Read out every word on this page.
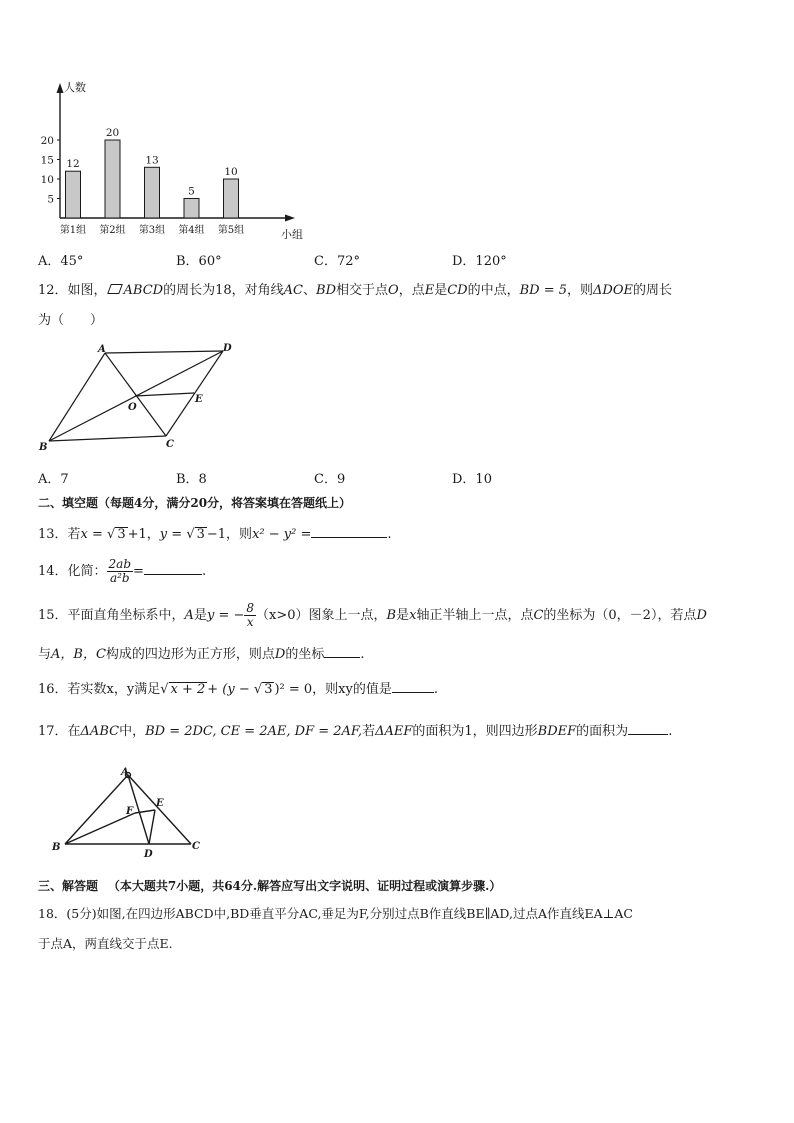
人数
小组
5
10
15
20
12
第1组
20
第2组
13
第3组
5
第4组
10
第5组
A．45°	B．60°	C．72°	D．120°
12．如图， ABCD的周长为18，对角线AC、BD相交于点O，点E是CD的中点，BD = 5，则ΔDOE的周长
为（　　）
A	D
O
E
B	C
A．7	B．8	C．9	D．10
二、填空题（每题4分，满分20分，将答案填在答题纸上）
13．若x = √ 3 +1，y = √ 3 −1，则x² − y² =	.
14．化简： $\frac{2ab}{\text{a²b}}$ =	.
15．平面直角坐标系中，A是y = − $\frac{8}{x} (x>0)$图象上一点，B是x轴正半轴上一点，点C的坐标为（0，－2），若点D
与A，B，C构成的四边形为正方形，则点D的坐标	.
16．若实数x，y满足√ x + 2 + (y − √ 3 )² = 0，则xy的值是	.
17．在ΔABC中，BD = 2DC, CE = 2AE, DF = 2AF,若ΔAEF的面积为1，则四边形BDEF的面积为	.
A
E
F
B
D
C
三、解答题 （本大题共7小题，共64分.解答应写出文字说明、证明过程或演算步骤.）
18．(5分)如图,在四边形ABCD中,BD垂直平分AC,垂足为F,分别过点B作直线BE∥AD,过点A作直线EA⊥AC
于点A，两直线交于点E.
